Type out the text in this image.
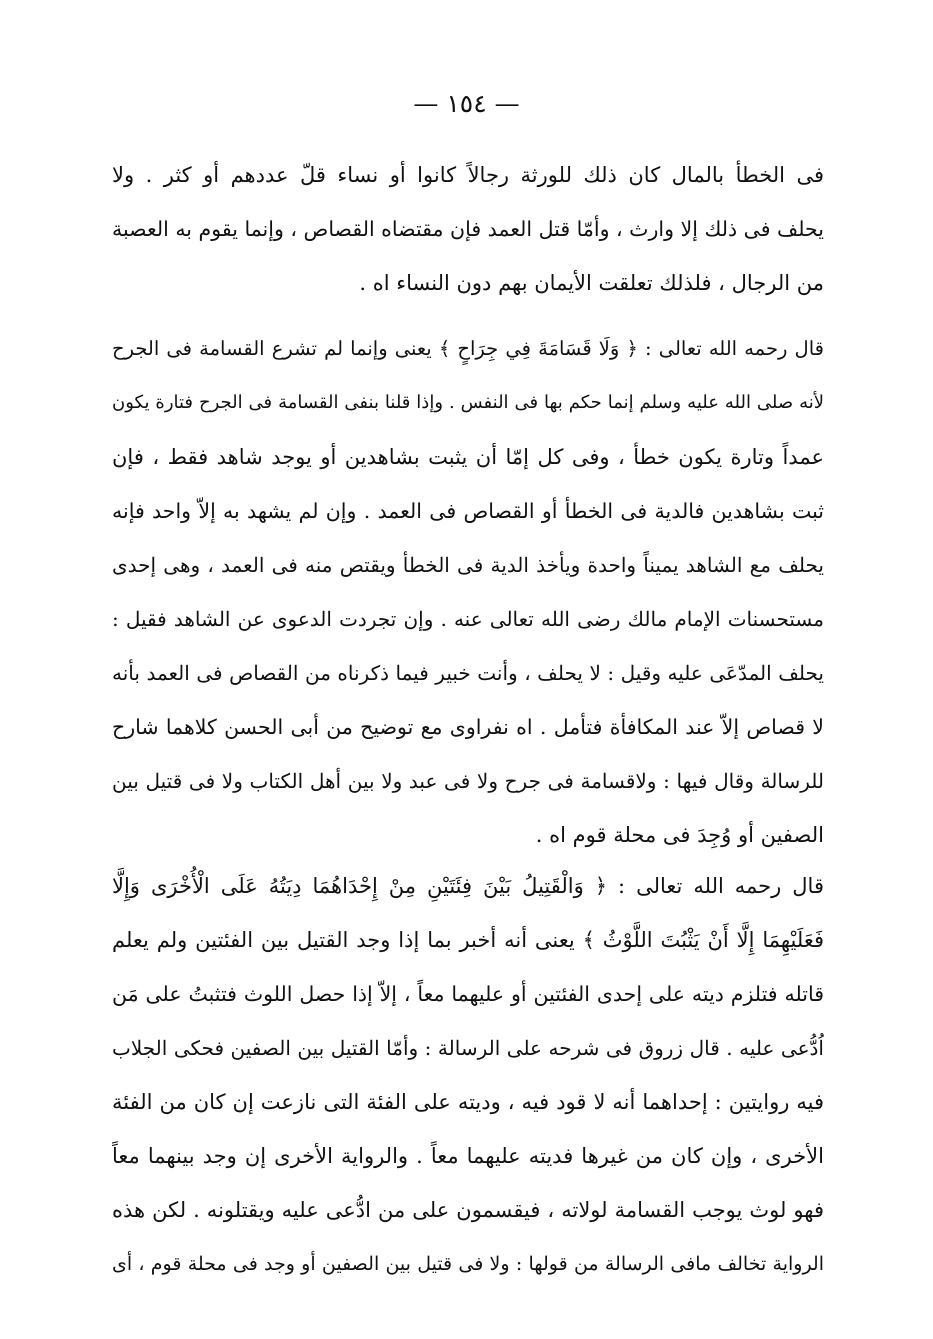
— ١٥٤ —
فى الخطأ بالمال كان ذلك للورثة رجالاً كانوا أو نساء قلّ عددهم أو كثر . ولا
يحلف فى ذلك إلا وارث ، وأمّا قتل العمد فإن مقتضاه القصاص ، وإنما يقوم به العصبة
من الرجال ، فلذلك تعلقت الأيمان بهم دون النساء اه .
قال رحمه الله تعالى : ﴿ وَلَا قَسَامَةَ فِي جِرَاحٍ ﴾ يعنى وإنما لم تشرع القسامة فى الجرح
لأنه صلى الله عليه وسلم إنما حكم بها فى النفس . وإذا قلنا بنفى القسامة فى الجرح فتارة يكون
عمداً وتارة يكون خطأ ، وفى كل إمّا أن يثبت بشاهدين أو يوجد شاهد فقط ، فإن
ثبت بشاهدين فالدية فى الخطأ أو القصاص فى العمد . وإن لم يشهد به إلاّ واحد فإنه
يحلف مع الشاهد يميناً واحدة ويأخذ الدية فى الخطأ ويقتص منه فى العمد ، وهى إحدى
مستحسنات الإمام مالك رضى الله تعالى عنه . وإن تجردت الدعوى عن الشاهد فقيل :
يحلف المدّعَى عليه وقيل : لا يحلف ، وأنت خبير فيما ذكرناه من القصاص فى العمد بأنه
لا قصاص إلاّ عند المكافأة فتأمل . اه نفراوى مع توضيح من أبى الحسن كلاهما شارح
للرسالة وقال فيها : ولاقسامة فى جرح ولا فى عبد ولا بين أهل الكتاب ولا فى قتيل بين
الصفين أو وُجِدَ فى محلة قوم اه .
قال رحمه الله تعالى : ﴿ وَالْقَتِيلُ بَيْنَ فِئَتَيْنِ مِنْ إِحْدَاهُمَا دِيَتُهُ عَلَى الْأُخْرَى وَإِلَّا
فَعَلَيْهِمَا إِلَّا أَنْ يَثْبُتَ اللَّوْثُ ﴾ يعنى أنه أخبر بما إذا وجد القتيل بين الفئتين ولم يعلم
قاتله فتلزم ديته على إحدى الفئتين أو عليهما معاً ، إلاّ إذا حصل اللوث فتثبتُ على مَن
اُدُّعى عليه . قال زروق فى شرحه على الرسالة : وأمّا القتيل بين الصفين فحكى الجلاب
فيه روايتين : إحداهما أنه لا قود فيه ، وديته على الفئة التى نازعت إن كان من الفئة
الأخرى ، وإن كان من غيرها فديته عليهما معاً . والرواية الأخرى إن وجد بينهما معاً
فهو لوث يوجب القسامة لولاته ، فيقسمون على من ادُّعى عليه ويقتلونه . لكن هذه
الرواية تخالف مافى الرسالة من قولها : ولا فى قتيل بين الصفين أو وجد فى محلة قوم ، أى
